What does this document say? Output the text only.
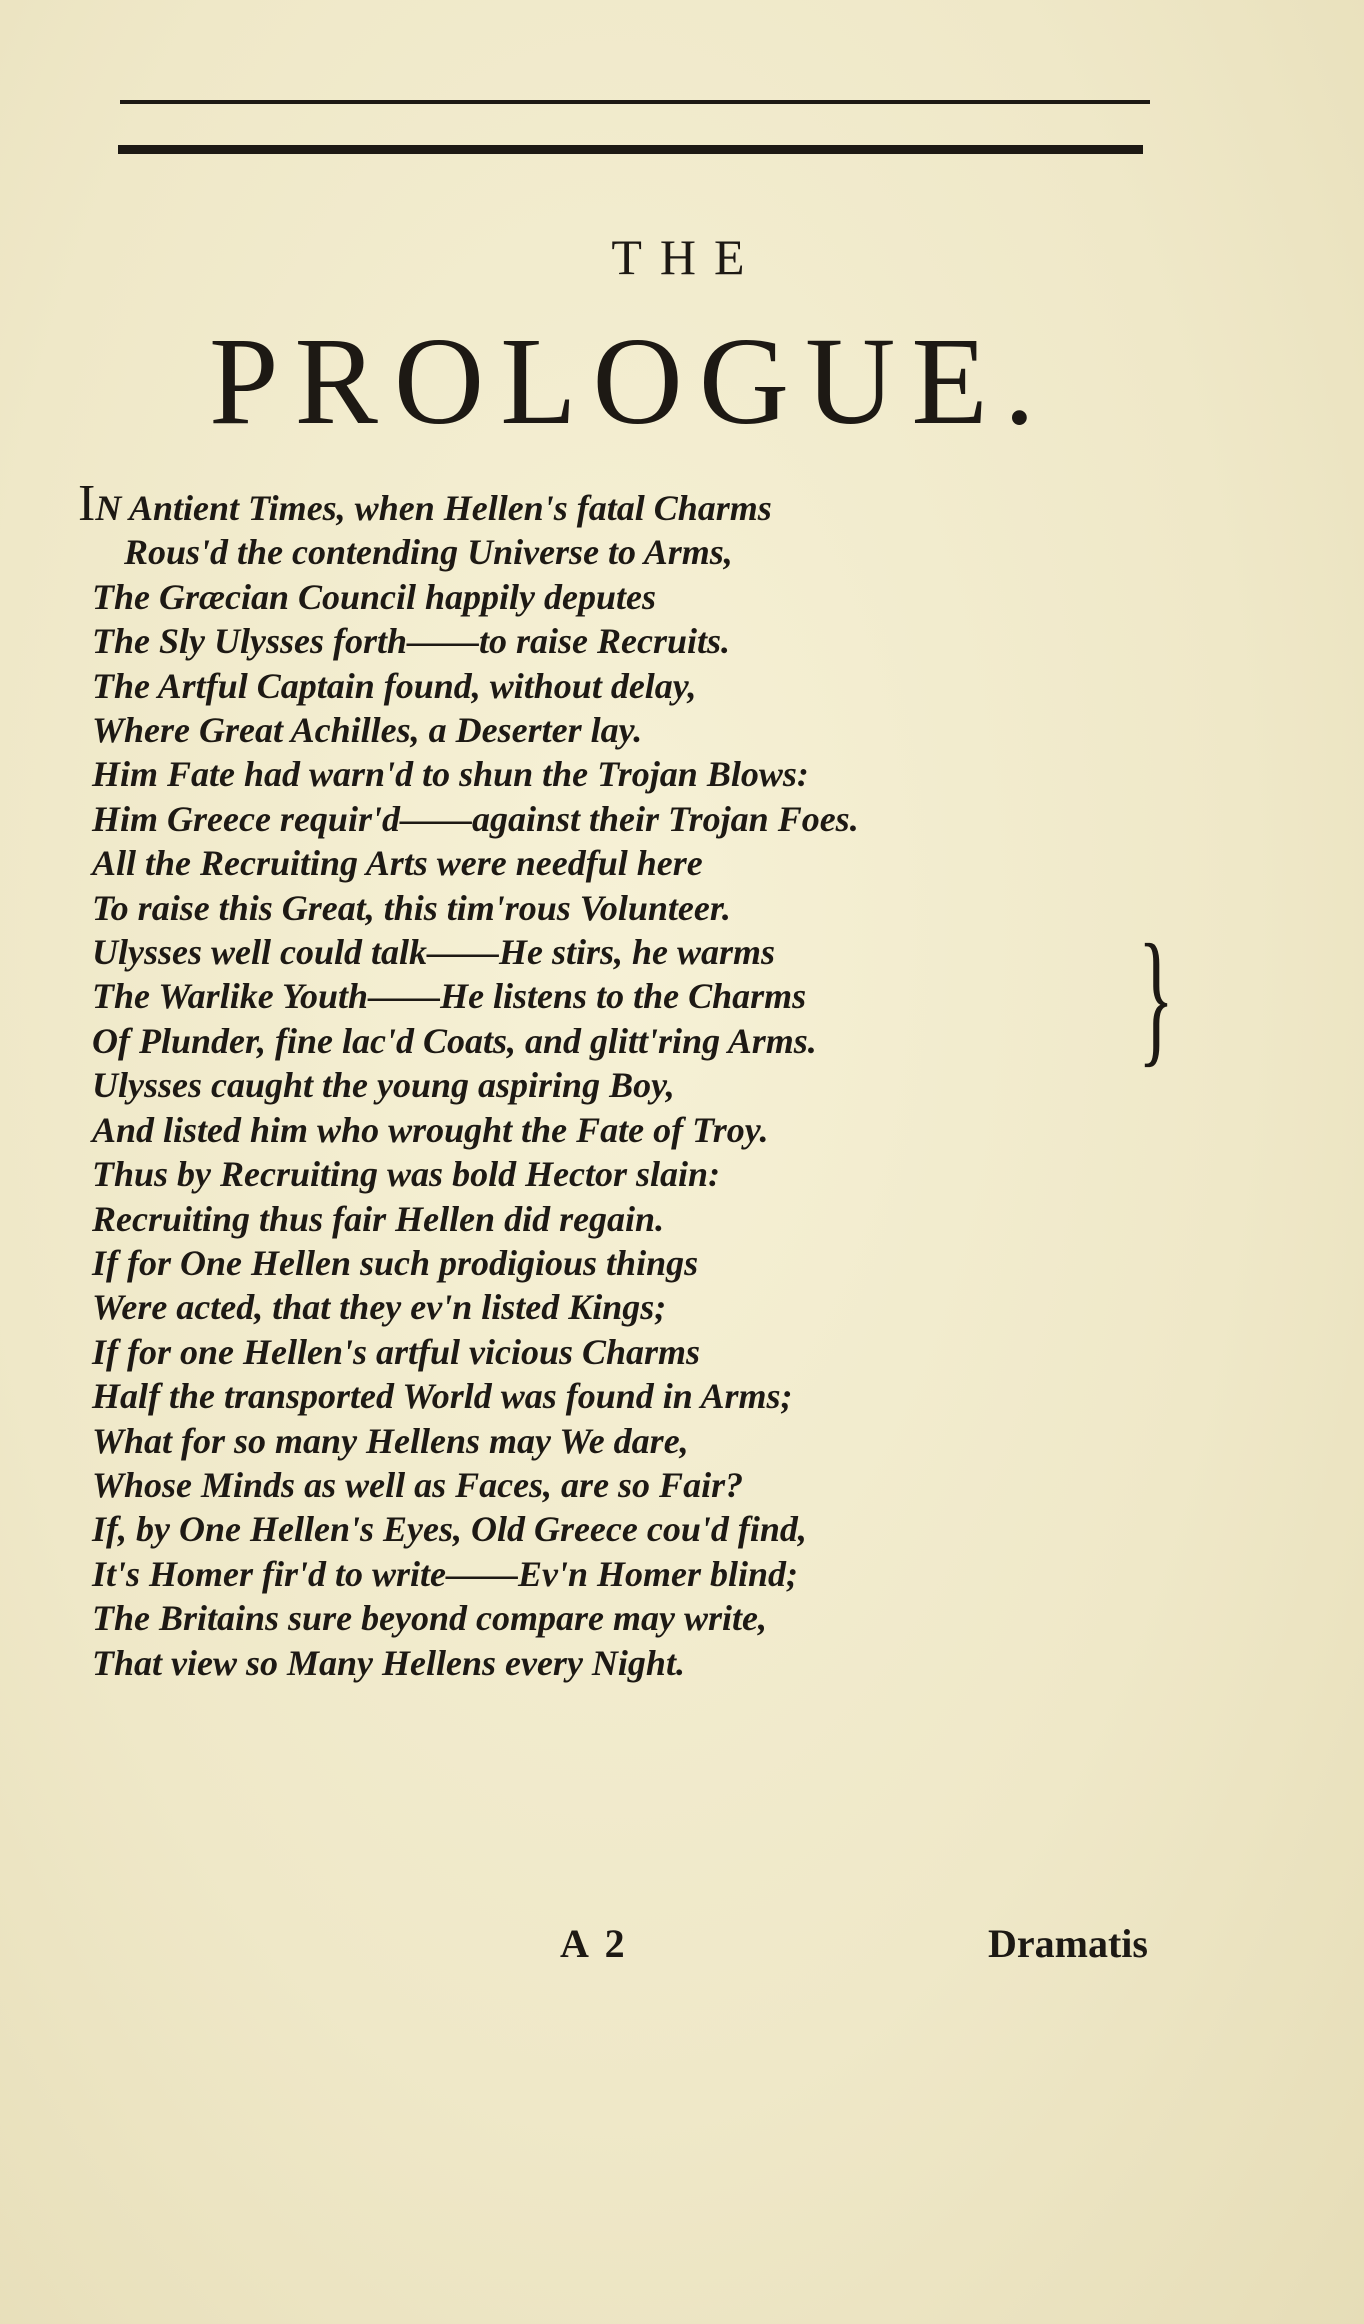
THE
PROLOGUE.
IN Antient Times, when Hellen's fatal Charms
Rous'd the contending Universe to Arms,
The Græcian Council happily deputes
The Sly Ulysses forth——to raise Recruits.
The Artful Captain found, without delay,
Where Great Achilles, a Deserter lay.
Him Fate had warn'd to shun the Trojan Blows:
Him Greece requir'd——against their Trojan Foes.
All the Recruiting Arts were needful here
To raise this Great, this tim'rous Volunteer.
Ulysses well could talk——He stirs, he warms
The Warlike Youth——He listens to the Charms
Of Plunder, fine lac'd Coats, and glitt'ring Arms.
Ulysses caught the young aspiring Boy,
And listed him who wrought the Fate of Troy.
Thus by Recruiting was bold Hector slain:
Recruiting thus fair Hellen did regain.
If for One Hellen such prodigious things
Were acted, that they ev'n listed Kings;
If for one Hellen's artful vicious Charms
Half the transported World was found in Arms;
What for so many Hellens may We dare,
Whose Minds as well as Faces, are so Fair?
If, by One Hellen's Eyes, Old Greece cou'd find,
It's Homer fir'd to write——Ev'n Homer blind;
The Britains sure beyond compare may write,
That view so Many Hellens every Night.
}
A 2	Dramatis
